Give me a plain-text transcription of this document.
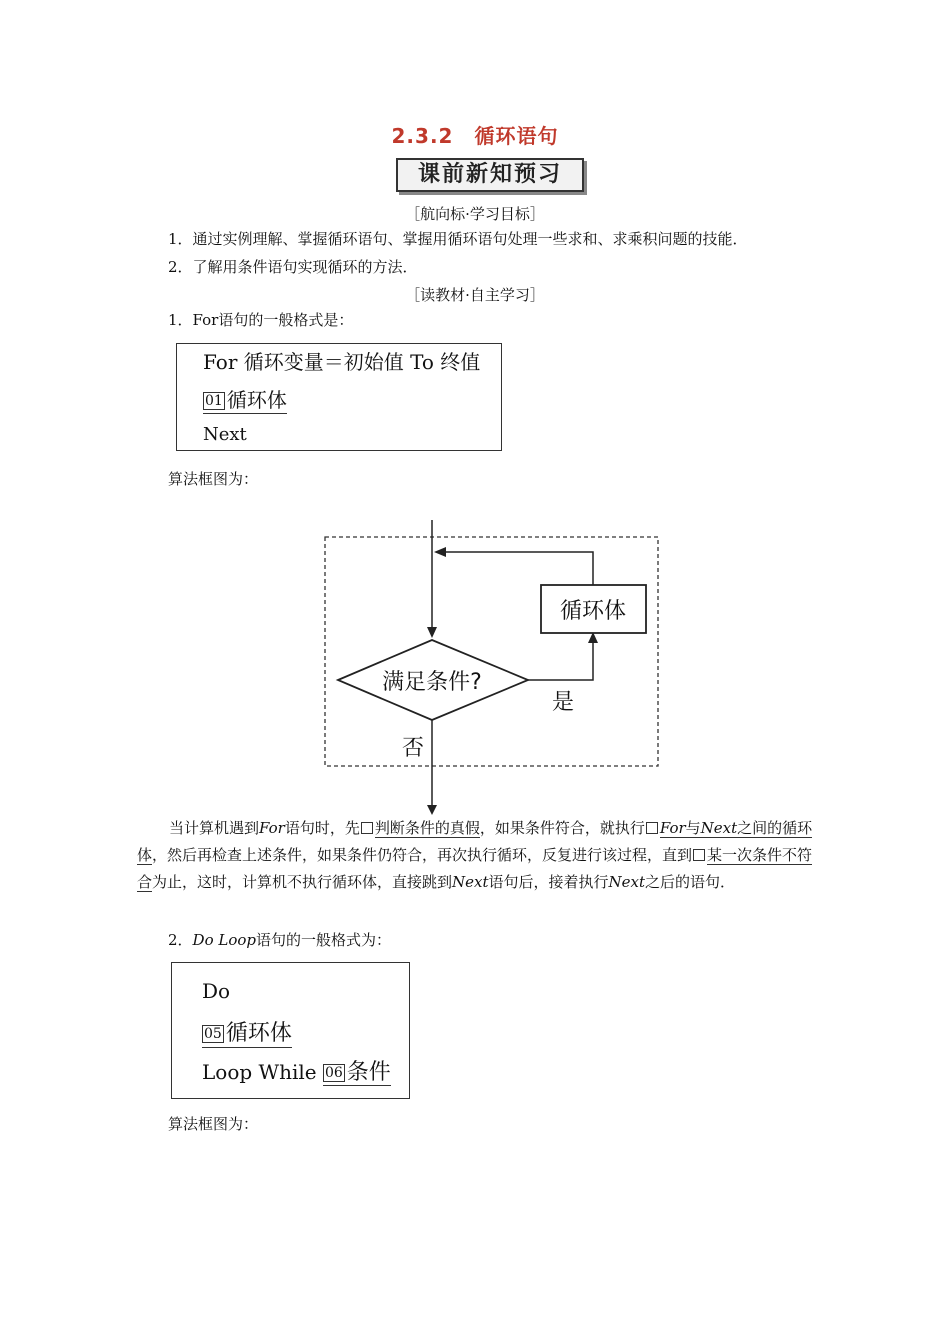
2.3.2　循环语句
课前新知预习
［航向标·学习目标］
1．通过实例理解、掌握循环语句、掌握用循环语句处理一些求和、求乘积问题的技能．
2．了解用条件语句实现循环的方法．
［读教材·自主学习］
1．For语句的一般格式是：
For 循环变量＝初始值 To 终值
01 循环体
Next
算法框图为：
满足条件?
循环体
是
否
当计算机遇到For语句时，先 判断条件的真假，如果条件符合，就执行 For与Next之间的循环体，然后再检查上述条件，如果条件仍符合，再次执行循环，反复进行该过程，直到 某一次条件不符合为止，这时，计算机不执行循环体，直接跳到Next语句后，接着执行Next之后的语句．
2．Do Loop语句的一般格式为：
Do
05 循环体
Loop While 06 条件
算法框图为：
